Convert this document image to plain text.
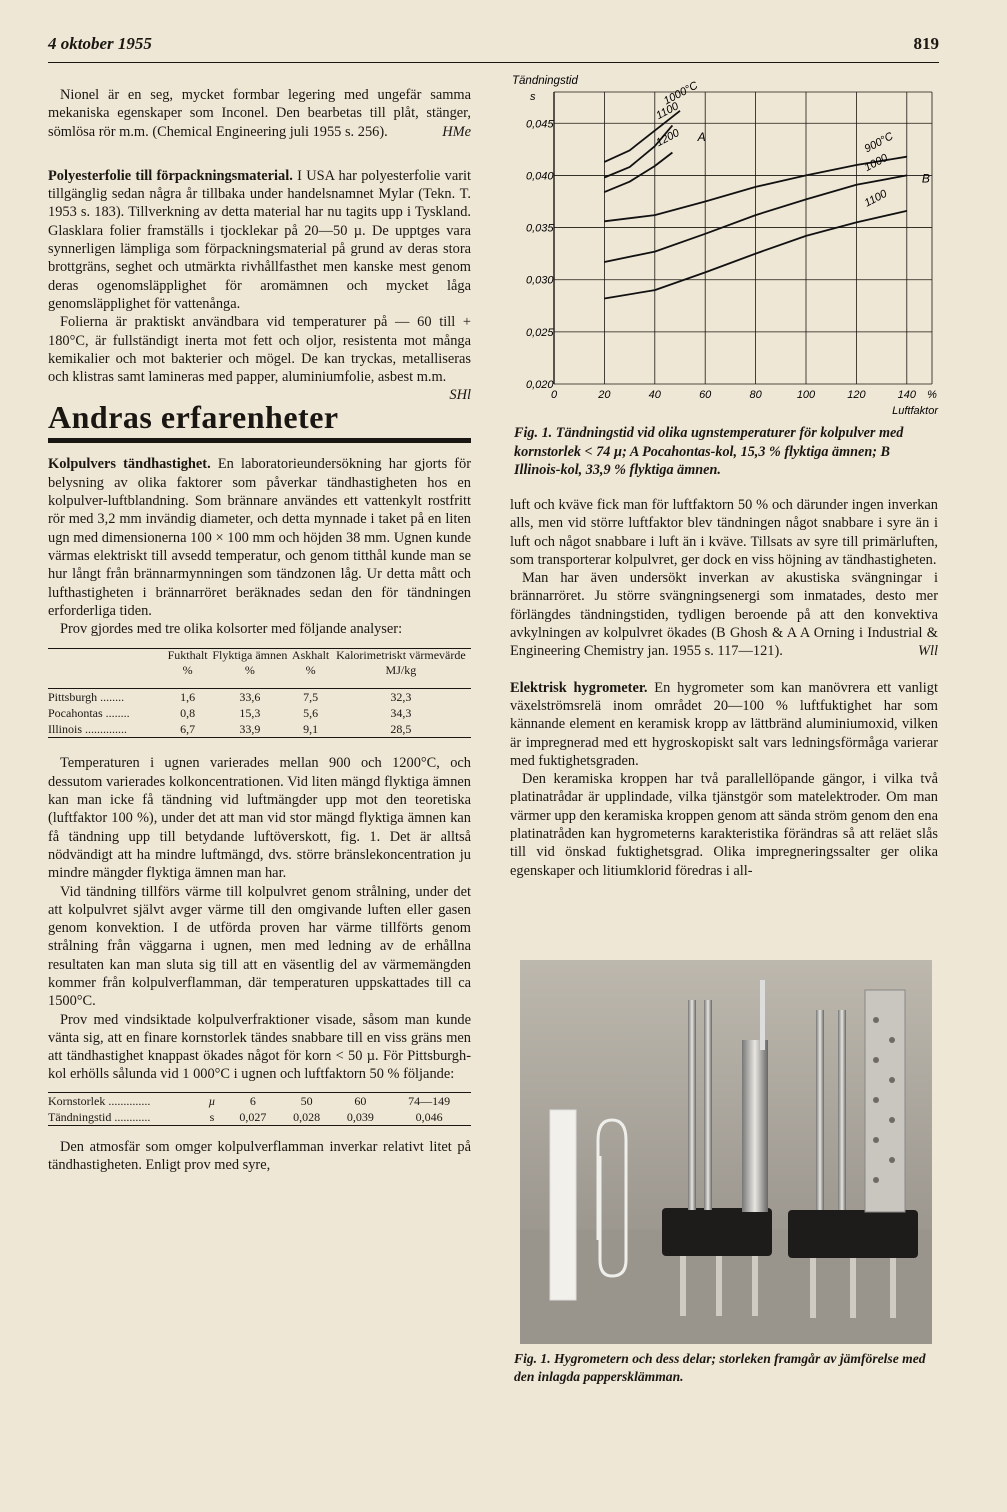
4 oktober 1955	819

Nionel är en seg, mycket formbar legering med ungefär samma mekaniska egenskaper som Inconel. Den bearbetas till plåt, stänger, sömlösa rör m.m. (Chemical Engineering juli 1955 s. 256).	HMe

Polyesterfolie till förpackningsmaterial. I USA har polyesterfolie varit tillgänglig sedan några år tillbaka under handelsnamnet Mylar (Tekn. T. 1953 s. 183). Tillverkning av detta material har nu tagits upp i Tyskland. Glasklara folier framställs i tjocklekar på 20—50 µ. De upptges vara synnerligen lämpliga som förpackningsmaterial på grund av deras stora brottgräns, seghet och utmärkta rivhållfasthet men kanske mest genom deras ogenomsläpplighet för aromämnen och mycket låga genomsläpplighet för vattenånga.

Folierna är praktiskt användbara vid temperaturer på — 60 till + 180°C, är fullständigt inerta mot fett och oljor, resistenta mot många kemikalier och mot bakterier och mögel. De kan tryckas, metalliseras och klistras samt lamineras med papper, aluminiumfolie, asbest m.m.
SHl

Andras erfarenheter

Kolpulvers tändhastighet. En laboratorieundersökning har gjorts för belysning av olika faktorer som påverkar tändhastigheten hos en kolpulver-luftblandning. Som brännare användes ett vattenkylt rostfritt rör med 3,2 mm invändig diameter, och detta mynnade i taket på en liten ugn med dimensionerna 100 × 100 mm och höjden 38 mm. Ugnen kunde värmas elektriskt till avsedd temperatur, och genom titthål kunde man se hur långt från brännarmynningen som tändzonen låg. Ur detta mått och lufthastigheten i brännarröret beräknades sedan den för tändningen erforderliga tiden.

Prov gjordes med tre olika kolsorter med följande analyser:

	Fukthalt	Flyktiga ämnen	Askhalt	Kalorimetriskt värmevärde
	%	%	%	MJ/kg

Pittsburgh ........	1,6	33,6	7,5	32,3
Pocahontas ........	0,8	15,3	5,6	34,3
Illinois ..............	6,7	33,9	9,1	28,5

Temperaturen i ugnen varierades mellan 900 och 1200°C, och dessutom varierades kolkoncentrationen. Vid liten mängd flyktiga ämnen kan man icke få tändning vid luftmängder upp mot den teoretiska (luftfaktor 100 %), under det att man vid stor mängd flyktiga ämnen kan få tändning upp till betydande luftöverskott, fig. 1. Det är alltså nödvändigt att ha mindre luftmängd, dvs. större bränslekoncentration ju mindre mängder flyktiga ämnen man har.

Vid tändning tillförs värme till kolpulvret genom strålning, under det att kolpulvret självt avger värme till den omgivande luften eller gasen genom konvektion. I de utförda proven har värme tillförts genom strålning från väggarna i ugnen, men med ledning av de erhållna resultaten kan man sluta sig till att en väsentlig del av värmemängden kommer från kolpulverflamman, där temperaturen uppskattades till ca 1500°C.

Prov med vindsiktade kolpulverfraktioner visade, såsom man kunde vänta sig, att en finare kornstorlek tändes snabbare till en viss gräns men att tändhastighet knappast ökades något för korn < 50 µ. För Pittsburgh-kol erhölls sålunda vid 1 000°C i ugnen och luftfaktorn 50 % följande:

Kornstorlek ..............	µ	6	50	60	74—149
Tändningstid ............	s	0,027	0,028	0,039	0,046

Den atmosfär som omger kolpulverflamman inverkar relativt litet på tändhastigheten. Enligt prov med syre,

0	20	40	60	80	100	120	140 %
0,020
0,025
0,030
0,035
0,040
0,045
Tändningstid
s
Luftfaktor
1000°C
1100
1200	900°C
1000
1100
A
B
Fig. 1. Tändningstid vid olika ugnstemperaturer för kolpulver med kornstorlek < 74 µ; A Pocahontas-kol, 15,3 % flyktiga ämnen; B Illinois-kol, 33,9 % flyktiga ämnen.

luft och kväve fick man för luftfaktorn 50 % och därunder ingen inverkan alls, men vid större luftfaktor blev tändningen något snabbare i syre än i luft och något snabbare i luft än i kväve. Tillsats av syre till primärluften, som transporterar kolpulvret, ger dock en viss höjning av tändhastigheten.

Man har även undersökt inverkan av akustiska svängningar i brännarröret. Ju större svängningsenergi som inmatades, desto mer förlängdes tändningstiden, tydligen beroende på att den konvektiva avkylningen av kolpulvret ökades (B Ghosh & A A Orning i Industrial & Engineering Chemistry jan. 1955 s. 117—121).	Wll

Elektrisk hygrometer. En hygrometer som kan manövrera ett vanligt växelströmsrelä inom området 20—100 % luftfuktighet har som kännande element en keramisk kropp av lättbränd aluminiumoxid, vilken är impregnerad med ett hygroskopiskt salt vars ledningsförmåga varierar med fuktighetsgraden.

Den keramiska kroppen har två parallellöpande gängor, i vilka två platinatrådar är upplindade, vilka tjänstgör som matelektroder. Om man värmer upp den keramiska kroppen genom att sända ström genom den ena platinatråden kan hygrometerns karakteristika förändras så att reläet slås till vid önskad fuktighetsgrad. Olika impregneringssalter ger olika egenskaper och litiumklorid föredras i all-

Fig. 1. Hygrometern och dess delar; storleken framgår av jämförelse med den inlagda pappersklämman.
